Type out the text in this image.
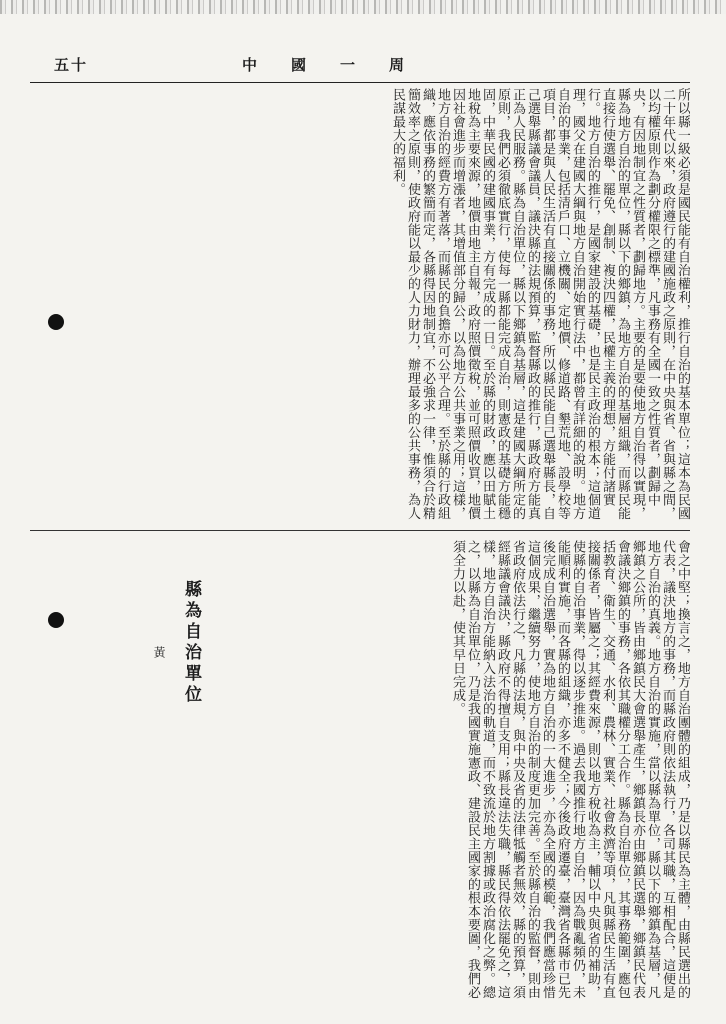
五十	中國一周
所以縣一級必須是國民能有自治權利，推行自治的基本單位；這本為民國二十年代以來，政府遵行的建國施政之原則，在中央與省、省與縣之間，以均權原則作為劃分權限之標準，凡事務有全國一致之性質者，劃歸中央，有因地制宜之性質者，劃歸地方。主要的是要使地方自治得以實現，縣為地方自治的單位，縣以下的鄉鎮，為地方自治的基層組織，而縣民能直接行使選舉、罷免、創制、複決四權，民權主義的理想，方能付諸實行。地方自治的推行，是國家建設的基礎，也是民主政治的根本；這個道理，國父在建國大綱與地方自治開始實行法中，都曾有詳細的說明。地方自治的事業，包括清戶口、立機關、定地價、修道路、墾荒地、設學校等項目，都是與人民生活有直接關係的事務，所以縣民能自己選舉縣長，自己選舉縣議會議員，議決縣的法規預算，監督縣政的推行，縣政府方能真正為人民服務。縣為自治單位，縣以下鄉鎮為基層，這是建國大綱所定的原則，我們必須徹底實行，使每一縣都能完成自治，則憲政的基礎方能穩固，中華民國的建國事業，方有完成的一日。至於縣的財政，應以田賦土地稅為主要來源，地價由地主自報，政府照價徵稅，並可照價收買，地價因社會進步而增漲者，其增值部分歸公，以為地方公共事業之用；這樣，地方自治的經費方有著落，而縣民的負擔亦可公平合理。至於縣的行政組織，應依事務的繁簡而定，各縣得因地制宜，不必強求一律，惟須合於精簡效率之原則，使政府能以最少的人力財力，辦理最多的公共事務，為人民謀最大的福利。
會之中堅；換言之，地方自治團體的組成，乃是以縣民為主體，由縣民選出的代表，議決地方的事務，而縣政府則依法執行，各司其職，互相配合，這便是地方自治的真義。地方自治的實施，當以縣為單位，縣以下的鄉鎮為基層，凡鄉鎮之公所，皆由鄉鎮民大會選舉產生，鄉鎮長亦由鄉鎮民選舉，鄉鎮民代表會議決鄉鎮的事務，各依其職權分工合作。縣為自治單位，其事務範圍，應包括教育、衛生、交通、水利、農林、實業、社會救濟等項，凡與縣民生活有直接關係者，皆屬之；其經費來源，則以地方稅收為主，輔以中央與省的補助，使縣的自治事業，得以逐步推進。過去我國推行地方自治，因為戰亂頻仍，未能順利實施，而各縣的組織，亦多不健全；今後政府遷臺，臺灣省各縣市已先後完成自治選舉，實為地方自治的一大進步，亦為全國的模範，我們應當珍惜這個成果，繼續努力，使地方自治的制度更加完善。至於縣自治的監督，則由省政府依法行之，凡縣的法規，與中央及省的法律牴觸者無效，縣的預算，須經縣議會議決，縣政府不得擅自支用；縣長違法失職，縣民得依法罷免之，這樣，地方自治方能納入法治的軌道，而不致流於地方割據或政治腐化之弊。總之，以縣為自治單位，乃是我國實施憲政、建設民主國家的根本要圖，我們必須全力以赴，使其早日完成。
縣為自治單位
黃
